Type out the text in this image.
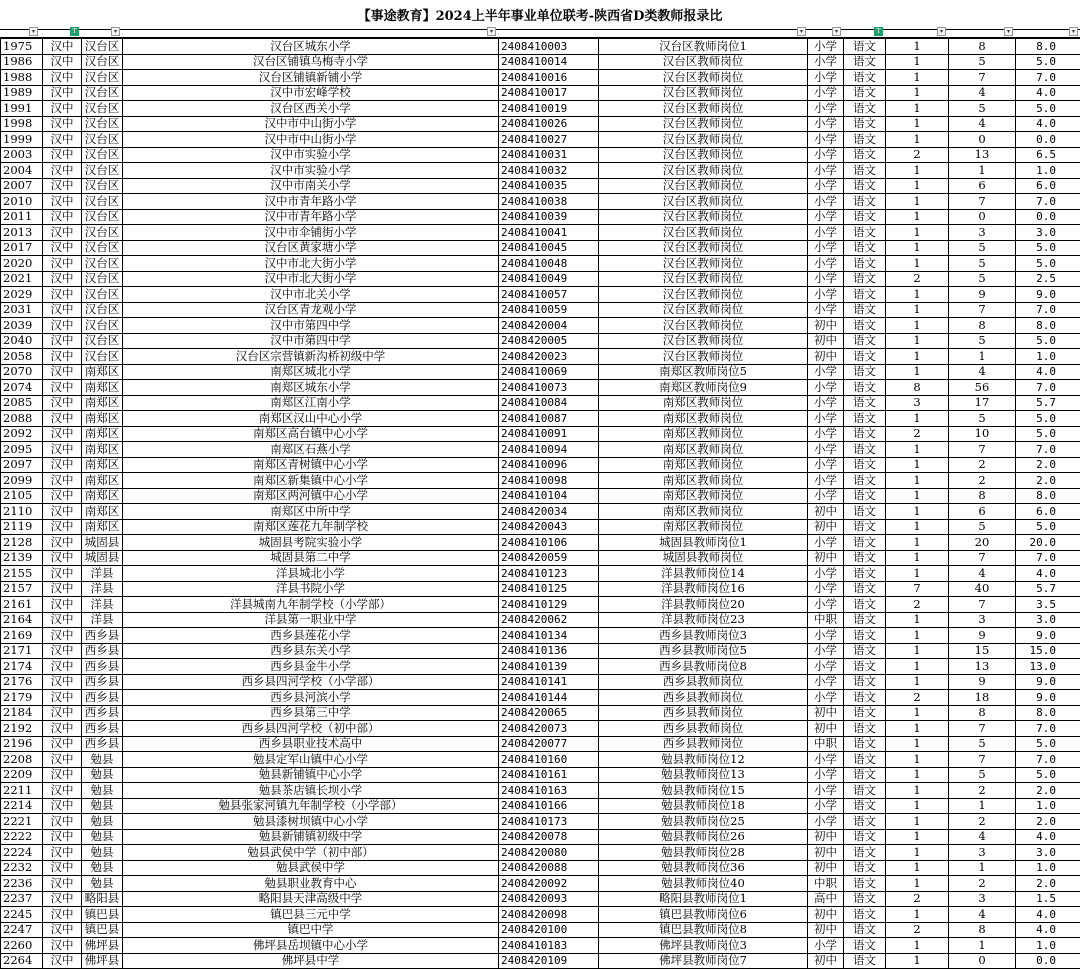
【事途教育】2024上半年事业单位联考-陕西省D类教师报录比
▾	T	▾	▾	▾	▾	T	▾	▾	▾
1975	汉中	汉台区	汉台区城东小学	2408410003	汉台区教师岗位1	小学	语文	1	8	8.0
1986	汉中	汉台区	汉台区铺镇乌梅寺小学	2408410014	汉台区教师岗位	小学	语文	1	5	5.0
1988	汉中	汉台区	汉台区铺镇新铺小学	2408410016	汉台区教师岗位	小学	语文	1	7	7.0
1989	汉中	汉台区	汉中市宏峰学校	2408410017	汉台区教师岗位	小学	语文	1	4	4.0
1991	汉中	汉台区	汉台区西关小学	2408410019	汉台区教师岗位	小学	语文	1	5	5.0
1998	汉中	汉台区	汉中市中山街小学	2408410026	汉台区教师岗位	小学	语文	1	4	4.0
1999	汉中	汉台区	汉中市中山街小学	2408410027	汉台区教师岗位	小学	语文	1	0	0.0
2003	汉中	汉台区	汉中市实验小学	2408410031	汉台区教师岗位	小学	语文	2	13	6.5
2004	汉中	汉台区	汉中市实验小学	2408410032	汉台区教师岗位	小学	语文	1	1	1.0
2007	汉中	汉台区	汉中市南关小学	2408410035	汉台区教师岗位	小学	语文	1	6	6.0
2010	汉中	汉台区	汉中市青年路小学	2408410038	汉台区教师岗位	小学	语文	1	7	7.0
2011	汉中	汉台区	汉中市青年路小学	2408410039	汉台区教师岗位	小学	语文	1	0	0.0
2013	汉中	汉台区	汉中市伞铺街小学	2408410041	汉台区教师岗位	小学	语文	1	3	3.0
2017	汉中	汉台区	汉台区黄家塘小学	2408410045	汉台区教师岗位	小学	语文	1	5	5.0
2020	汉中	汉台区	汉中市北大街小学	2408410048	汉台区教师岗位	小学	语文	1	5	5.0
2021	汉中	汉台区	汉中市北大街小学	2408410049	汉台区教师岗位	小学	语文	2	5	2.5
2029	汉中	汉台区	汉中市北关小学	2408410057	汉台区教师岗位	小学	语文	1	9	9.0
2031	汉中	汉台区	汉台区青龙观小学	2408410059	汉台区教师岗位	小学	语文	1	7	7.0
2039	汉中	汉台区	汉中市第四中学	2408420004	汉台区教师岗位	初中	语文	1	8	8.0
2040	汉中	汉台区	汉中市第四中学	2408420005	汉台区教师岗位	初中	语文	1	5	5.0
2058	汉中	汉台区	汉台区宗营镇新沟桥初级中学	2408420023	汉台区教师岗位	初中	语文	1	1	1.0
2070	汉中	南郑区	南郑区城北小学	2408410069	南郑区教师岗位5	小学	语文	1	4	4.0
2074	汉中	南郑区	南郑区城东小学	2408410073	南郑区教师岗位9	小学	语文	8	56	7.0
2085	汉中	南郑区	南郑区江南小学	2408410084	南郑区教师岗位	小学	语文	3	17	5.7
2088	汉中	南郑区	南郑区汉山中心小学	2408410087	南郑区教师岗位	小学	语文	1	5	5.0
2092	汉中	南郑区	南郑区高台镇中心小学	2408410091	南郑区教师岗位	小学	语文	2	10	5.0
2095	汉中	南郑区	南郑区石燕小学	2408410094	南郑区教师岗位	小学	语文	1	7	7.0
2097	汉中	南郑区	南郑区青树镇中心小学	2408410096	南郑区教师岗位	小学	语文	1	2	2.0
2099	汉中	南郑区	南郑区新集镇中心小学	2408410098	南郑区教师岗位	小学	语文	1	2	2.0
2105	汉中	南郑区	南郑区两河镇中心小学	2408410104	南郑区教师岗位	小学	语文	1	8	8.0
2110	汉中	南郑区	南郑区中所中学	2408420034	南郑区教师岗位	初中	语文	1	6	6.0
2119	汉中	南郑区	南郑区莲花九年制学校	2408420043	南郑区教师岗位	初中	语文	1	5	5.0
2128	汉中	城固县	城固县考院实验小学	2408410106	城固县教师岗位1	小学	语文	1	20	20.0
2139	汉中	城固县	城固县第二中学	2408420059	城固县教师岗位	初中	语文	1	7	7.0
2155	汉中	洋县	洋县城北小学	2408410123	洋县教师岗位14	小学	语文	1	4	4.0
2157	汉中	洋县	洋县书院小学	2408410125	洋县教师岗位16	小学	语文	7	40	5.7
2161	汉中	洋县	洋县城南九年制学校（小学部）	2408410129	洋县教师岗位20	小学	语文	2	7	3.5
2164	汉中	洋县	洋县第一职业中学	2408420062	洋县教师岗位23	中职	语文	1	3	3.0
2169	汉中	西乡县	西乡县莲花小学	2408410134	西乡县教师岗位3	小学	语文	1	9	9.0
2171	汉中	西乡县	西乡县东关小学	2408410136	西乡县教师岗位5	小学	语文	1	15	15.0
2174	汉中	西乡县	西乡县金牛小学	2408410139	西乡县教师岗位8	小学	语文	1	13	13.0
2176	汉中	西乡县	西乡县四河学校（小学部）	2408410141	西乡县教师岗位	小学	语文	1	9	9.0
2179	汉中	西乡县	西乡县河滨小学	2408410144	西乡县教师岗位	小学	语文	2	18	9.0
2184	汉中	西乡县	西乡县第三中学	2408420065	西乡县教师岗位	初中	语文	1	8	8.0
2192	汉中	西乡县	西乡县四河学校（初中部）	2408420073	西乡县教师岗位	初中	语文	1	7	7.0
2196	汉中	西乡县	西乡县职业技术高中	2408420077	西乡县教师岗位	中职	语文	1	5	5.0
2208	汉中	勉县	勉县定军山镇中心小学	2408410160	勉县教师岗位12	小学	语文	1	7	7.0
2209	汉中	勉县	勉县新铺镇中心小学	2408410161	勉县教师岗位13	小学	语文	1	5	5.0
2211	汉中	勉县	勉县茶店镇长坝小学	2408410163	勉县教师岗位15	小学	语文	1	2	2.0
2214	汉中	勉县	勉县张家河镇九年制学校（小学部）	2408410166	勉县教师岗位18	小学	语文	1	1	1.0
2221	汉中	勉县	勉县漆树坝镇中心小学	2408410173	勉县教师岗位25	小学	语文	1	2	2.0
2222	汉中	勉县	勉县新铺镇初级中学	2408420078	勉县教师岗位26	初中	语文	1	4	4.0
2224	汉中	勉县	勉县武侯中学（初中部）	2408420080	勉县教师岗位28	初中	语文	1	3	3.0
2232	汉中	勉县	勉县武侯中学	2408420088	勉县教师岗位36	初中	语文	1	1	1.0
2236	汉中	勉县	勉县职业教育中心	2408420092	勉县教师岗位40	中职	语文	1	2	2.0
2237	汉中	略阳县	略阳县天津高级中学	2408420093	略阳县教师岗位1	高中	语文	2	3	1.5
2245	汉中	镇巴县	镇巴县三元中学	2408420098	镇巴县教师岗位6	初中	语文	1	4	4.0
2247	汉中	镇巴县	镇巴中学	2408420100	镇巴县教师岗位8	初中	语文	2	8	4.0
2260	汉中	佛坪县	佛坪县岳坝镇中心小学	2408410183	佛坪县教师岗位3	小学	语文	1	1	1.0
2264	汉中	佛坪县	佛坪县中学	2408420109	佛坪县教师岗位7	初中	语文	1	0	0.0
